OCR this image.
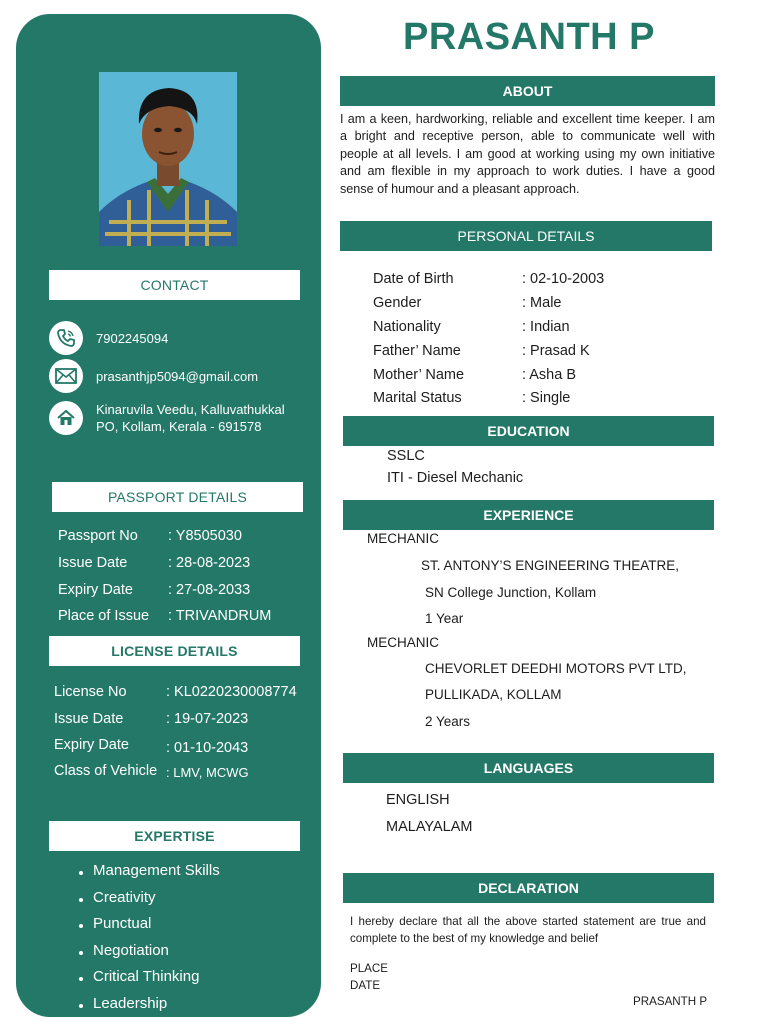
CONTACT
7902245094
prasanthjp5094@gmail.com
Kinaruvila Veedu, Kalluvathukkal
PO, Kollam, Kerala - 691578
PASSPORT DETAILS
Passport No	: Y8505030
Issue Date	: 28-08-2023
Expiry Date	: 27-08-2033
Place of Issue	: TRIVANDRUM
LICENSE DETAILS
License No	: KL0220230008774
Issue Date	: 19-07-2023
Expiry Date	: 01-10-2043
Class of Vehicle : LMV, MCWG
EXPERTISE
Management Skills
Creativity
Punctual
Negotiation
Critical Thinking
Leadership
PRASANTH P
ABOUT
I am a keen, hardworking, reliable and excellent time keeper. I am a bright and receptive person, able to communicate well with people at all levels. I am good at working using my own initiative and am flexible in my approach to work duties. I have a good sense of humour and a pleasant approach.
PERSONAL DETAILS
Date of Birth	: 02-10-2003
Gender	: Male
Nationality	: Indian
Father’ Name	: Prasad K
Mother’ Name	: Asha B
Marital Status	: Single
EDUCATION
SSLC
ITI - Diesel Mechanic
EXPERIENCE
MECHANIC
ST. ANTONY’S ENGINEERING THEATRE,
SN College Junction, Kollam
1 Year
MECHANIC
CHEVORLET DEEDHI MOTORS PVT LTD,
PULLIKADA, KOLLAM
2 Years
LANGUAGES
ENGLISH
MALAYALAM
DECLARATION
I hereby declare that all the above started statement are true and complete to the best of my knowledge and belief
PLACE
DATE
PRASANTH P
